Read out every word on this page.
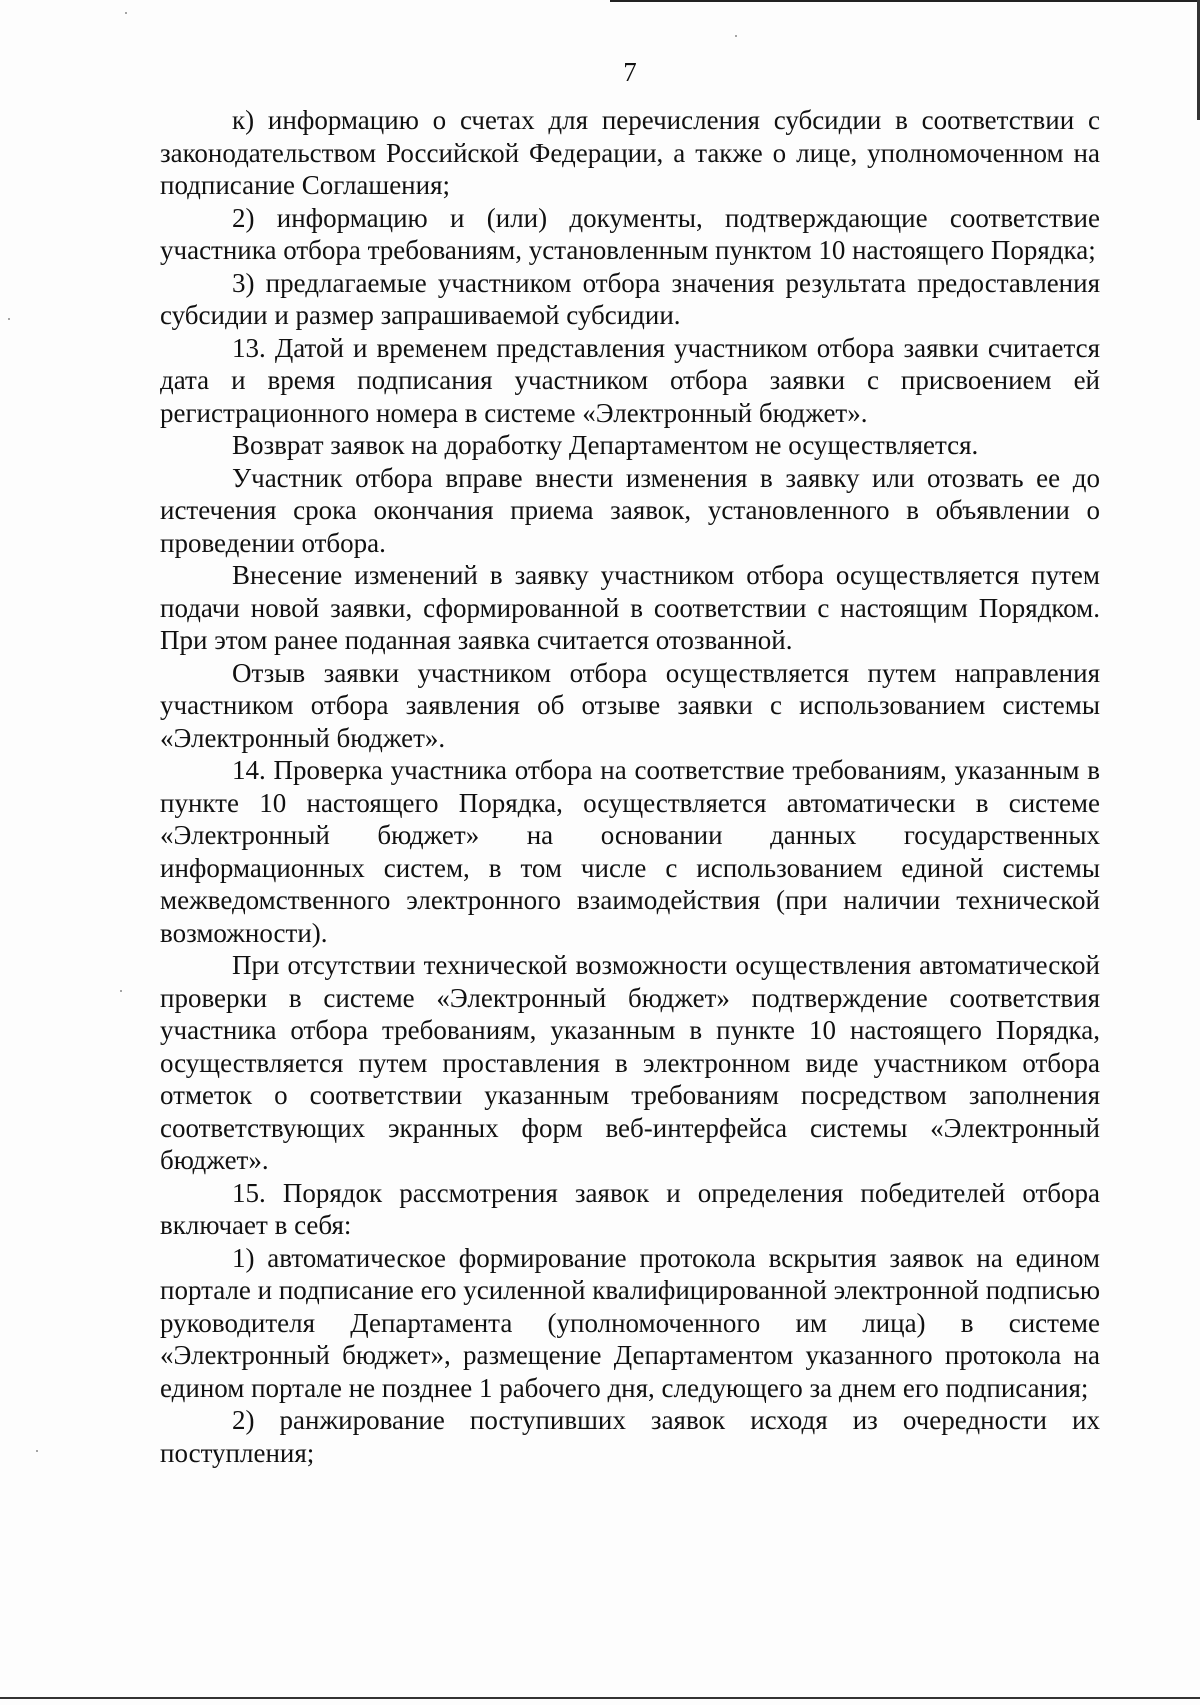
7

к) информацию о счетах для перечисления субсидии в соответствии с законодательством Российской Федерации, а также о лице, уполномоченном на подписание Соглашения;

2) информацию и (или) документы, подтверждающие соответствие участника отбора требованиям, установленным пунктом 10 настоящего Порядка;

3) предлагаемые участником отбора значения результата предоставления субсидии и размер запрашиваемой субсидии.

13. Датой и временем представления участником отбора заявки считается дата и время подписания участником отбора заявки с присвоением ей регистрационного номера в системе «Электронный бюджет».

Возврат заявок на доработку Департаментом не осуществляется.

Участник отбора вправе внести изменения в заявку или отозвать ее до истечения срока окончания приема заявок, установленного в объявлении о проведении отбора.

Внесение изменений в заявку участником отбора осуществляется путем подачи новой заявки, сформированной в соответствии с настоящим Порядком. При этом ранее поданная заявка считается отозванной.

Отзыв заявки участником отбора осуществляется путем направления участником отбора заявления об отзыве заявки с использованием системы «Электронный бюджет».

14. Проверка участника отбора на соответствие требованиям, указанным в пункте 10 настоящего Порядка, осуществляется автоматически в системе «Электронный бюджет» на основании данных государственных информационных систем, в том числе с использованием единой системы межведомственного электронного взаимодействия (при наличии технической возможности).

При отсутствии технической возможности осуществления автоматической проверки в системе «Электронный бюджет» подтверждение соответствия участника отбора требованиям, указанным в пункте 10 настоящего Порядка, осуществляется путем проставления в электронном виде участником отбора отметок о соответствии указанным требованиям посредством заполнения соответствующих экранных форм веб-интерфейса системы «Электронный бюджет».

15. Порядок рассмотрения заявок и определения победителей отбора включает в себя:

1) автоматическое формирование протокола вскрытия заявок на едином портале и подписание его усиленной квалифицированной электронной подписью руководителя Департамента (уполномоченного им лица) в системе «Электронный бюджет», размещение Департаментом указанного протокола на едином портале не позднее 1 рабочего дня, следующего за днем его подписания;

2) ранжирование поступивших заявок исходя из очередности их поступления;
